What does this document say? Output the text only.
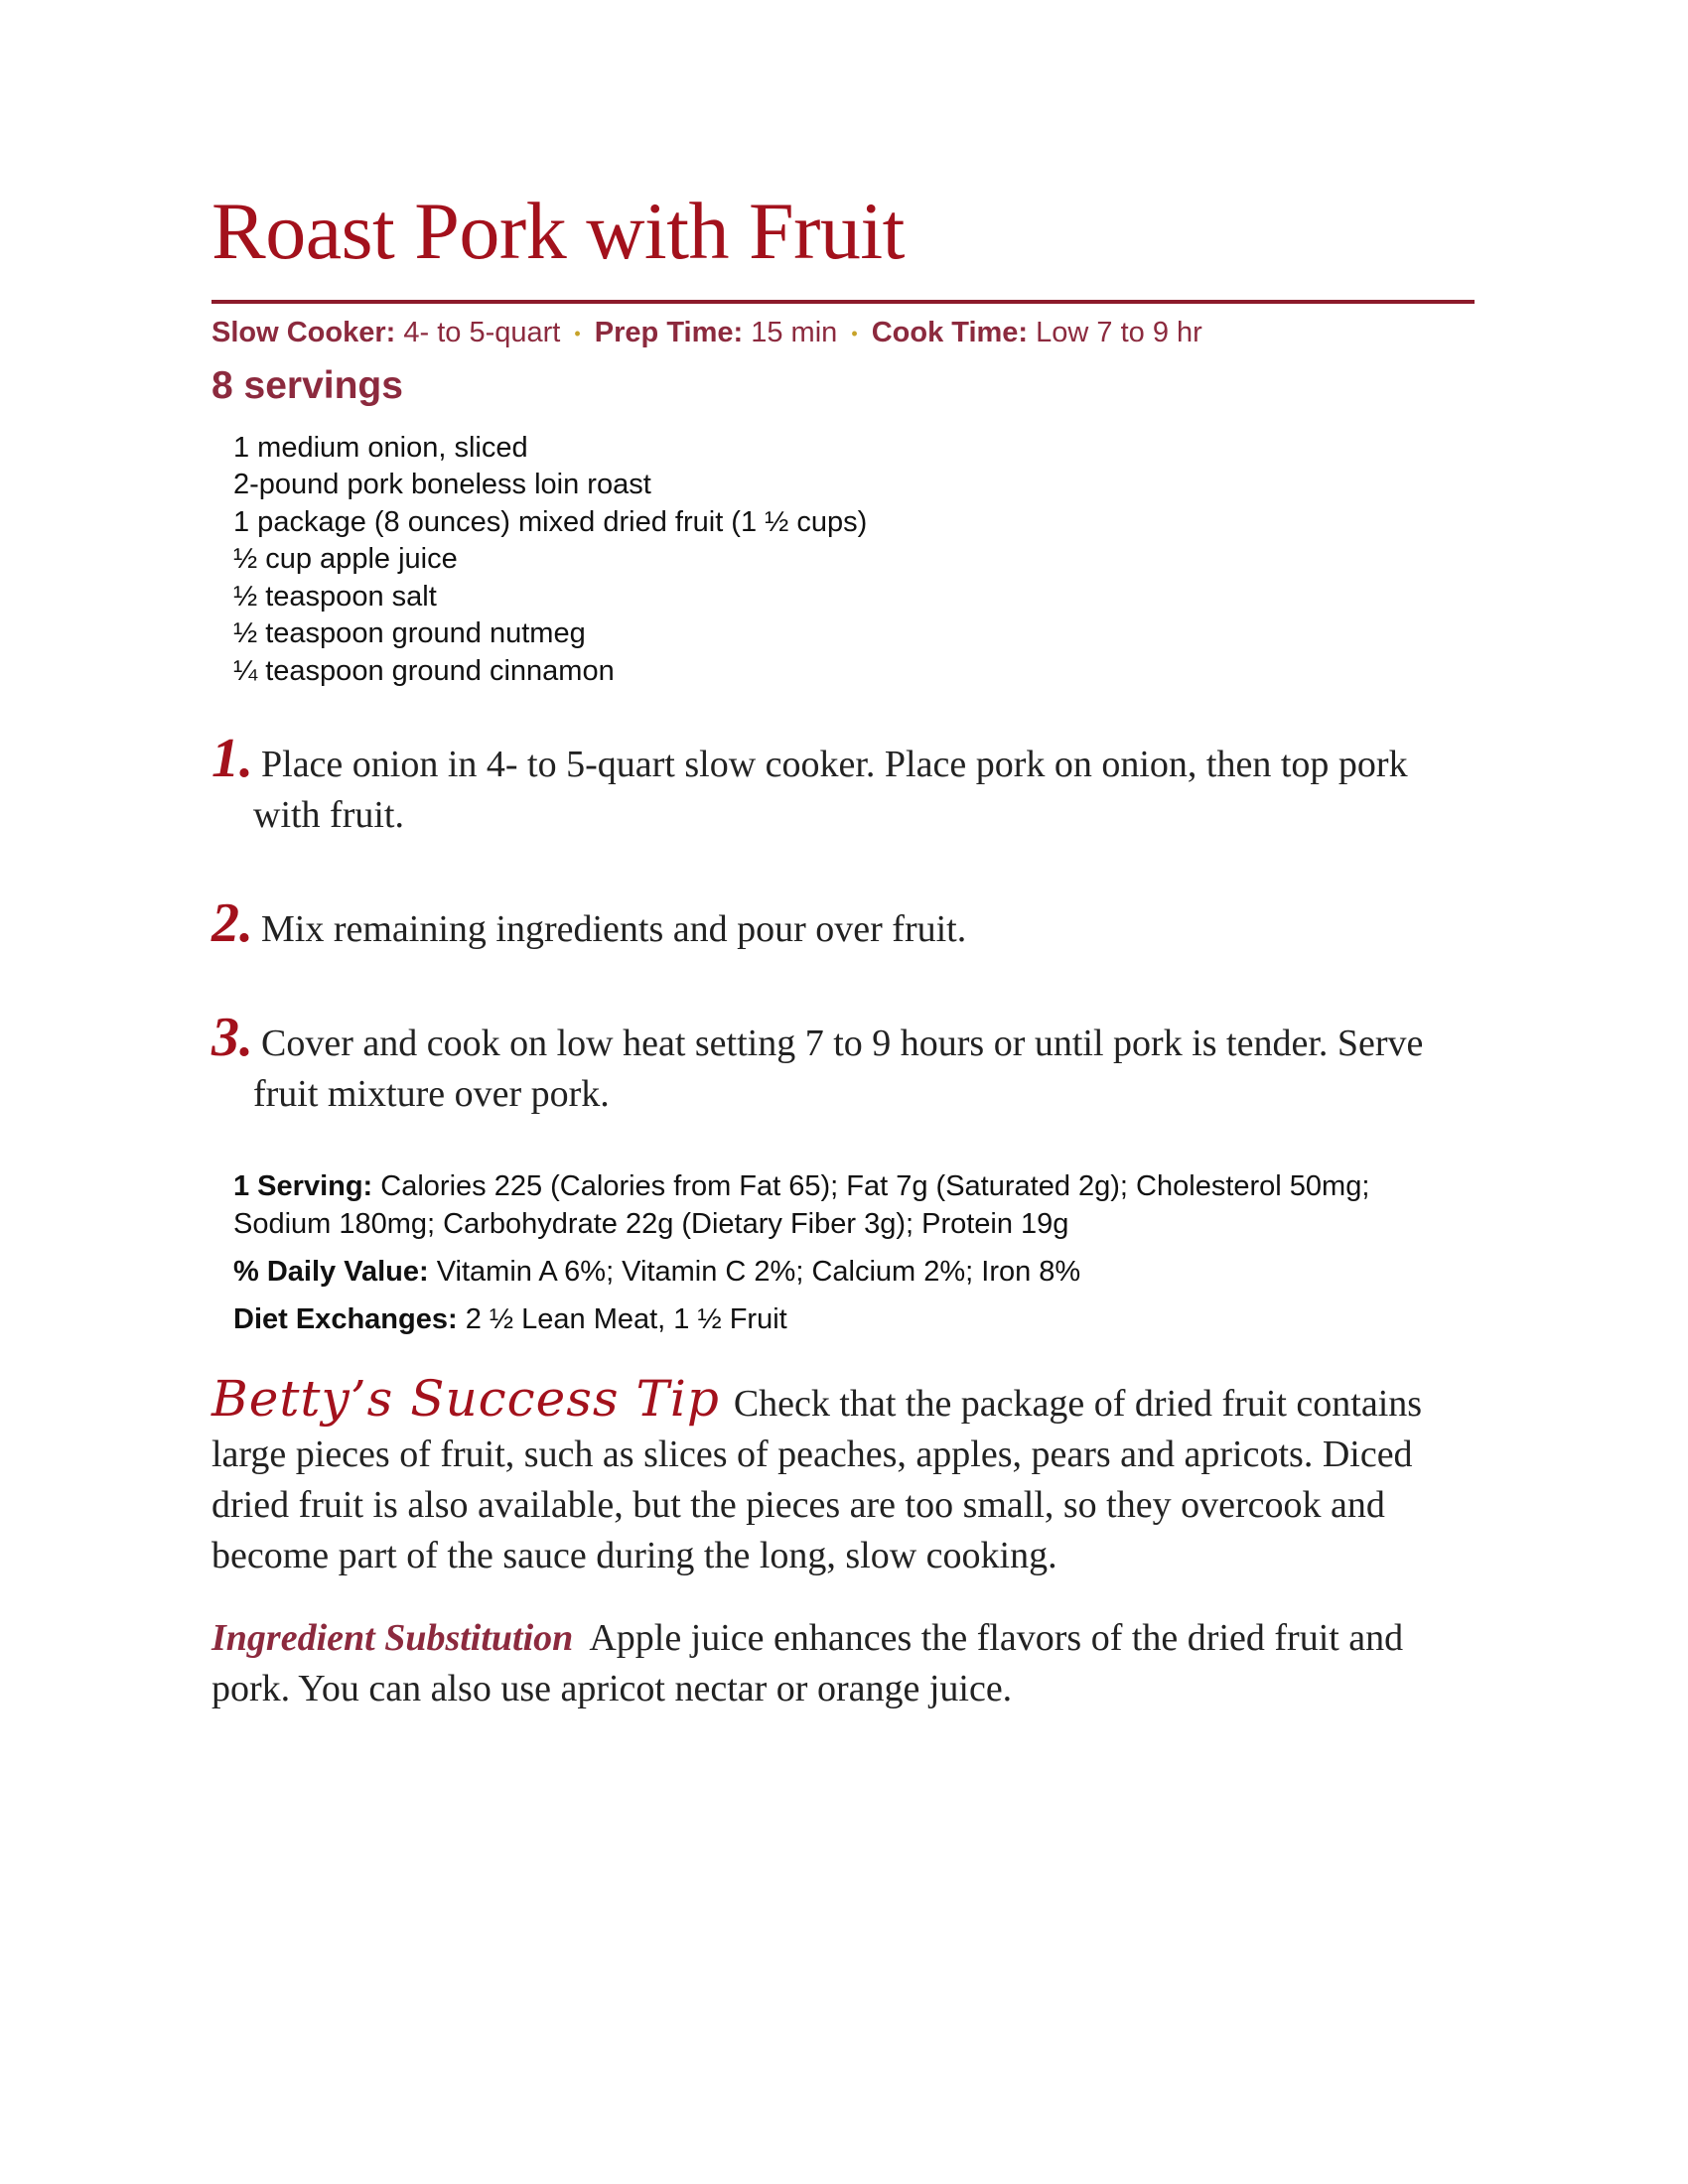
Roast Pork with Fruit
Slow Cooker: 4- to 5-quart • Prep Time: 15 min • Cook Time: Low 7 to 9 hr
8 servings
1 medium onion, sliced
2-pound pork boneless loin roast
1 package (8 ounces) mixed dried fruit (1 ½ cups)
½ cup apple juice
½ teaspoon salt
½ teaspoon ground nutmeg
¼ teaspoon ground cinnamon
1. Place onion in 4- to 5-quart slow cooker. Place pork on onion, then top pork with fruit.
2. Mix remaining ingredients and pour over fruit.
3. Cover and cook on low heat setting 7 to 9 hours or until pork is tender. Serve fruit mixture over pork.

1 Serving: Calories 225 (Calories from Fat 65); Fat 7g (Saturated 2g); Cholesterol 50mg; Sodium 180mg; Carbohydrate 22g (Dietary Fiber 3g); Protein 19g

% Daily Value: Vitamin A 6%; Vitamin C 2%; Calcium 2%; Iron 8%

Diet Exchanges: 2 ½ Lean Meat, 1 ½ Fruit

Betty’s Success Tip Check that the package of dried fruit contains large pieces of fruit, such as slices of peaches, apples, pears and apricots. Diced dried fruit is also available, but the pieces are too small, so they overcook and become part of the sauce during the long, slow cooking.
Ingredient Substitution Apple juice enhances the flavors of the dried fruit and pork. You can also use apricot nectar or orange juice.
